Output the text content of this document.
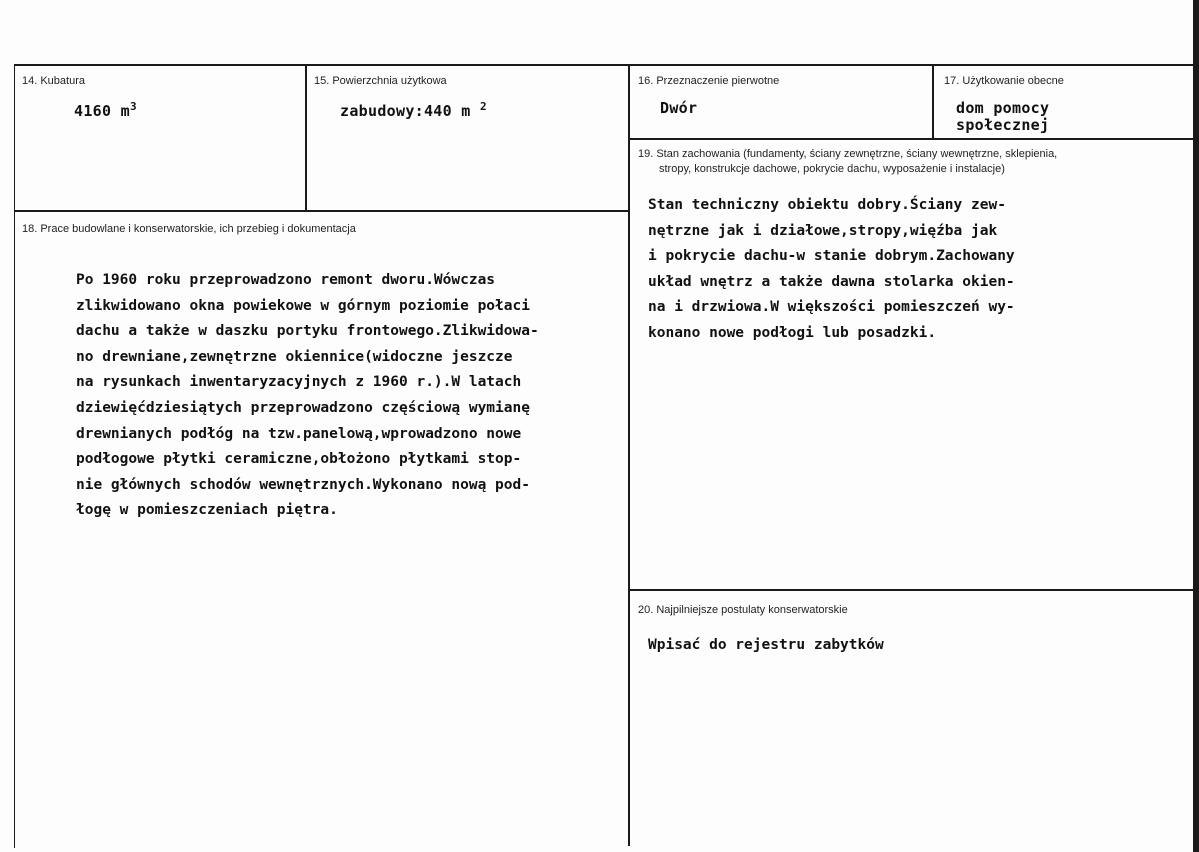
14. Kubatura
4160 $m^3$
15. Powierzchnia użytkowa
zabudowy:440 m $^2$
16. Przeznaczenie pierwotne
Dwór
17. Użytkowanie obecne
dom pomocy
społecznej
18. Prace budowlane i konserwatorskie, ich przebieg i dokumentacja
Po 1960 roku przeprowadzono remont dworu.Wówczas
zlikwidowano okna powiekowe w górnym poziomie połaci
dachu a także w daszku portyku frontowego.Zlikwidowa-
no drewniane,zewnętrzne okiennice(widoczne jeszcze
na rysunkach inwentaryzacyjnych z 1960 r.).W latach
dziewięćdziesiątych przeprowadzono częściową wymianę
drewnianych podłóg na tzw.panelową,wprowadzono nowe
podłogowe płytki ceramiczne,obłożono płytkami stop-
nie głównych schodów wewnętrznych.Wykonano nową pod-
łogę w pomieszczeniach piętra.
19. Stan zachowania (fundamenty, ściany zewnętrzne, ściany wewnętrzne, sklepienia,
stropy, konstrukcje dachowe, pokrycie dachu, wyposażenie i instalacje)
Stan techniczny obiektu dobry.Ściany zew-
nętrzne jak i działowe,stropy,więźba jak
i pokrycie dachu-w stanie dobrym.Zachowany
układ wnętrz a także dawna stolarka okien-
na i drzwiowa.W większości pomieszczeń wy-
konano nowe podłogi lub posadzki.
20. Najpilniejsze postulaty konserwatorskie
Wpisać do rejestru zabytków
